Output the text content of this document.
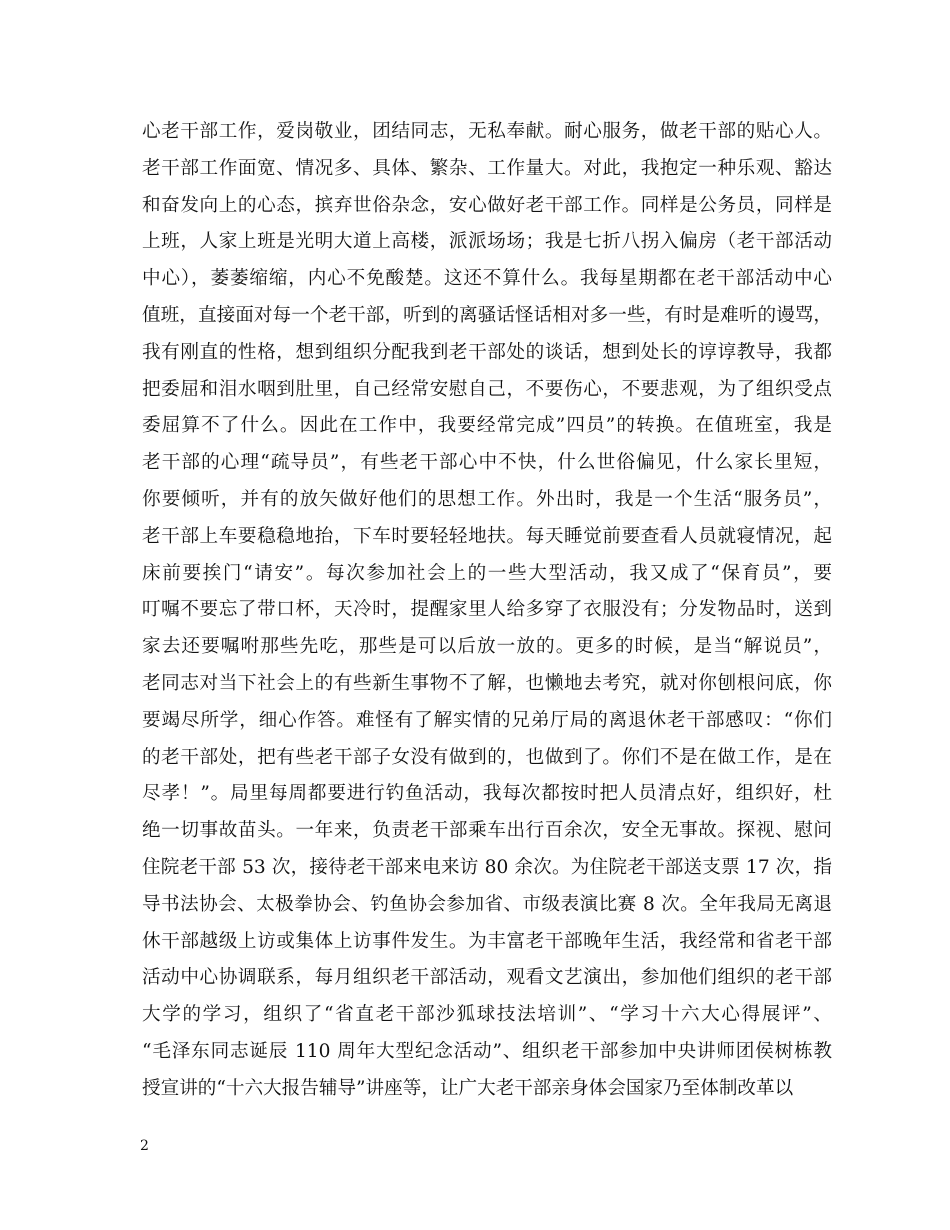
心老干部工作，爱岗敬业，团结同志，无私奉献。耐心服务，做老干部的贴心人。
老干部工作面宽、情况多、具体、繁杂、工作量大。对此，我抱定一种乐观、豁达
和奋发向上的心态，摈弃世俗杂念，安心做好老干部工作。同样是公务员，同样是
上班，人家上班是光明大道上高楼，派派场场；我是七折八拐入偏房（老干部活动
中心），萎萎缩缩，内心不免酸楚。这还不算什么。我每星期都在老干部活动中心
值班，直接面对每一个老干部，听到的离骚话怪话相对多一些，有时是难听的谩骂，
我有刚直的性格，想到组织分配我到老干部处的谈话，想到处长的谆谆教导，我都
把委屈和泪水咽到肚里，自己经常安慰自己，不要伤心，不要悲观，为了组织受点
委屈算不了什么。因此在工作中，我要经常完成”四员”的转换。在值班室，我是
老干部的心理“疏导员”，有些老干部心中不快，什么世俗偏见，什么家长里短，
你要倾听，并有的放矢做好他们的思想工作。外出时，我是一个生活“服务员”，
老干部上车要稳稳地抬，下车时要轻轻地扶。每天睡觉前要查看人员就寝情况，起
床前要挨门“请安”。每次参加社会上的一些大型活动，我又成了“保育员”，要
叮嘱不要忘了带口杯，天冷时，提醒家里人给多穿了衣服没有；分发物品时，送到
家去还要嘱咐那些先吃，那些是可以后放一放的。更多的时候，是当“解说员”，
老同志对当下社会上的有些新生事物不了解，也懒地去考究，就对你刨根问底，你
要竭尽所学，细心作答。难怪有了解实情的兄弟厅局的离退休老干部感叹：“你们
的老干部处，把有些老干部子女没有做到的，也做到了。你们不是在做工作，是在
尽孝！”。局里每周都要进行钓鱼活动，我每次都按时把人员清点好，组织好，杜
绝一切事故苗头。一年来，负责老干部乘车出行百余次，安全无事故。探视、慰问
住院老干部 53 次，接待老干部来电来访 80 余次。为住院老干部送支票 17 次，指
导书法协会、太极拳协会、钓鱼协会参加省、市级表演比赛 8 次。全年我局无离退
休干部越级上访或集体上访事件发生。为丰富老干部晚年生活，我经常和省老干部
活动中心协调联系，每月组织老干部活动，观看文艺演出，参加他们组织的老干部
大学的学习，组织了“省直老干部沙狐球技法培训”、“学习十六大心得展评”、
“毛泽东同志诞辰 110 周年大型纪念活动”、组织老干部参加中央讲师团侯树栋教
授宣讲的“十六大报告辅导”讲座等，让广大老干部亲身体会国家乃至体制改革以
2
